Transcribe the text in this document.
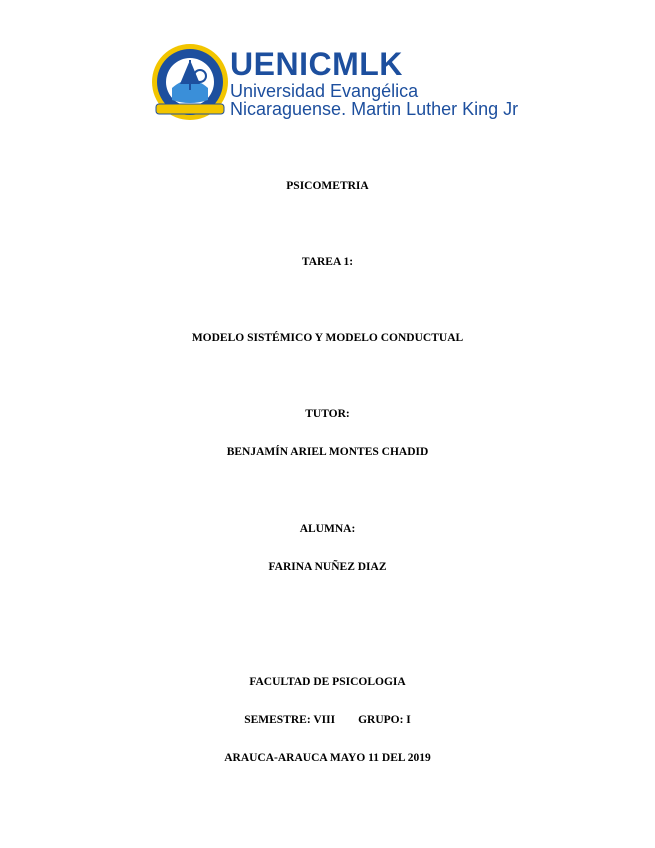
UENICMLK
Universidad Evangélica
Nicaraguense. Martin Luther King Jr
PSICOMETRIA
TAREA 1:
MODELO SISTÉMICO Y MODELO CONDUCTUAL
TUTOR:
BENJAMÍN ARIEL MONTES CHADID
ALUMNA:
FARINA NUÑEZ DIAZ
FACULTAD DE PSICOLOGIA
SEMESTRE: VIII        GRUPO: I
ARAUCA-ARAUCA MAYO 11 DEL 2019
